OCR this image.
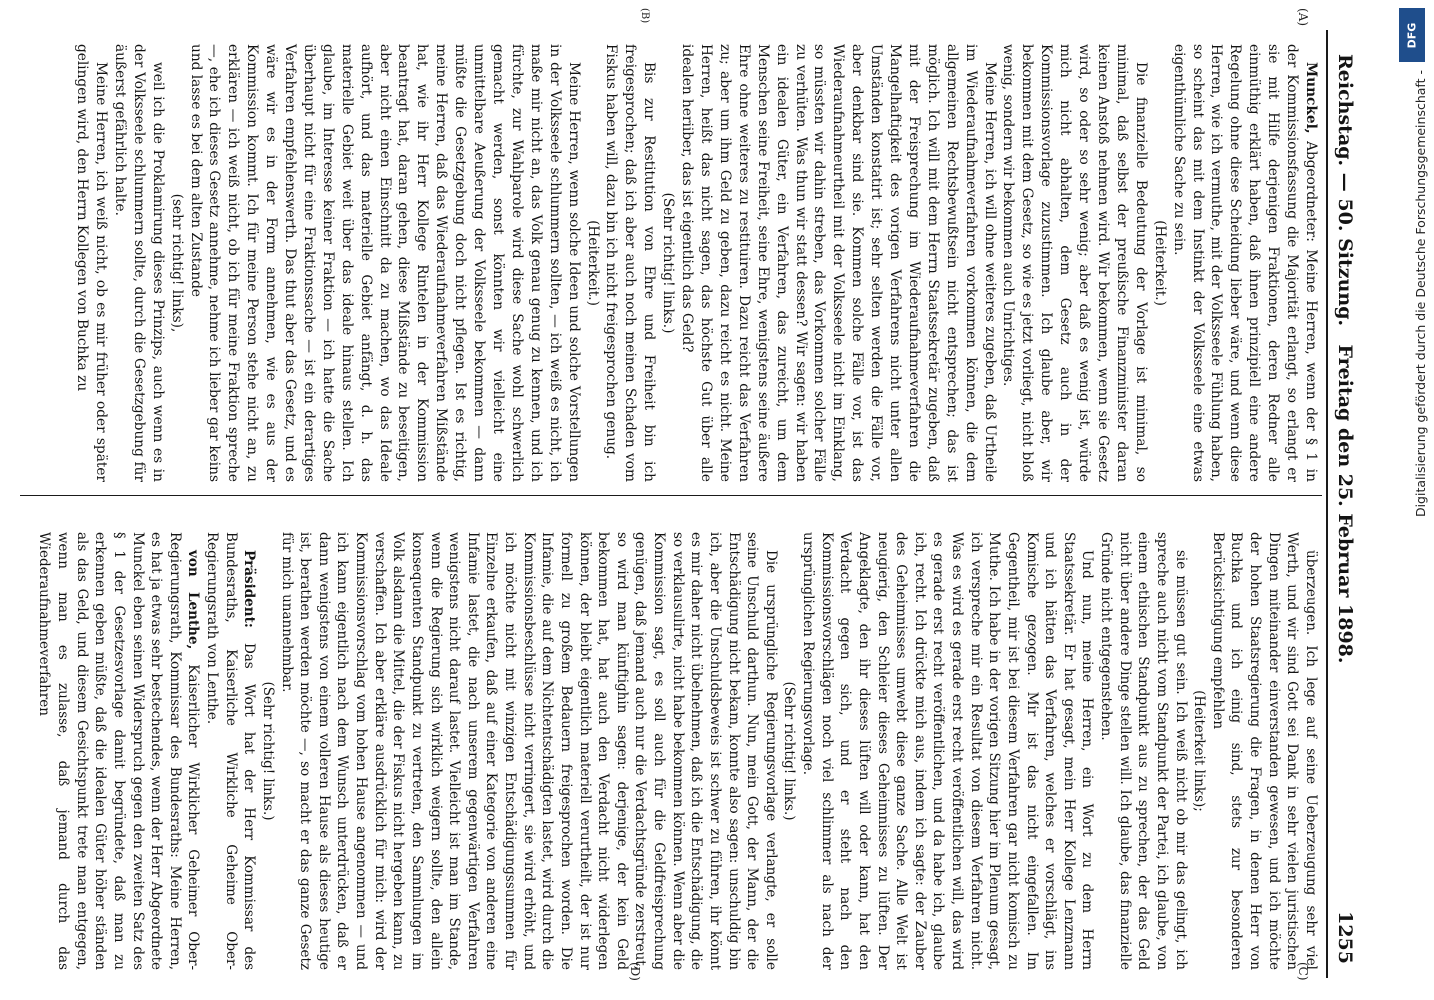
Reichstag. — 50. Sitzung.
Freitag den 25. Februar 1898.
1255
(A)
(B)
(C)
(D)

Munckel, Abgeordneter: Meine Herren, wenn der § 1 in der Kommissionsfassung die Majorität erlangt, so erlangt er sie mit Hilfe derjenigen Fraktionen, deren Redner alle einmüthig erklärt haben, daß ihnen prinzipiell eine andere Regelung ohne diese Scheidung lieber wäre, und wenn diese Herren, wie ich vermuthe, mit der Volksseele Fühlung haben, so scheint das mit dem Instinkt der Volksseele eine etwas eigenthümliche Sache zu sein.

(Heiterkeit.)

Die finanzielle Bedeutung der Vorlage ist minimal, so minimal, daß selbst der preußische Finanzminister daran keinen Anstoß nehmen wird. Wir bekommen, wenn sie Gesetz wird, so oder so sehr wenig; aber daß es wenig ist, würde mich nicht abhalten, dem Gesetz auch in der Kommissionsvorlage zuzustimmen. Ich glaube aber, wir bekommen mit dem Gesetz, so wie es jetzt vorliegt, nicht bloß wenig, sondern wir bekommen auch Unrichtiges.

Meine Herren, ich will ohne weiteres zugeben, daß Urtheile im Wiederaufnahmeverfahren vorkommen können, die dem allgemeinen Rechtsbewußtsein nicht entsprechen; das ist möglich. Ich will mit dem Herrn Staatssekretär zugeben, daß mit der Freisprechung im Wiederaufnahmeverfahren die Mangelhaftigkeit des vorigen Verfahrens nicht unter allen Umständen konstatirt ist; sehr selten werden die Fälle vor, aber denkbar sind sie. Kommen solche Fälle vor, ist das Wiederaufnahmeurtheil mit der Volksseele nicht im Einklang, so müssten wir dahin streben, das Vorkommen solcher Fälle zu verhüten. Was thun wir statt dessen? Wir sagen: wir haben ein idealen Güter, ein Verfahren, das zureicht, um dem Menschen seine Freiheit, seine Ehre, wenigstens seine äußere Ehre ohne weiteres zu restituiren. Dazu reicht das Verfahren zu; aber um ihm Geld zu geben, dazu reicht es nicht. Meine Herren, heißt das nicht sagen, das höchste Gut über alle idealen heriiber, das ist eigentlich das Geld?

(Sehr richtig! links.)

Bis zur Restitution von Ehre und Freiheit bin ich freigesprochen; daß ich aber auch noch meinen Schaden vom Fiskus haben will, dazu bin ich nicht freigesprochen genug.

(Heiterkeit.)

Meine Herren, wenn solche Ideen und solche Vorstellungen in der Volksseele schlummern sollten, — ich weiß es nicht, ich maße mir nicht an, das Volk genau genug zu kennen, und ich fürchte, zur Wahlparole wird diese Sache wohl schwerlich gemacht werden, sonst könnten wir vielleicht eine unmittelbare Aeußerung der Volksseele bekommen — dann müßte die Gesetzgebung doch nicht pflegen. Ist es richtig, meine Herren, daß das Wiederaufnahmeverfahren Mißstände hat, wie ihr Herr Kollege Rintelen in der Kommission beantragt hat, daran gehen, diese Mißstände zu beseitigen, aber nicht einen Einschnitt da zu machen, wo das Ideale aufhört, und das materielle Gebiet anfängt, d. h. das materielle Gebiet weit über das ideale hinaus stellen. Ich glaube, im Interesse keiner Fraktion — ich hatte die Sache überhaupt nicht für eine Fraktionssache — ist ein derartiges Verfahren empfehlenswerth. Das thut aber das Gesetz, und es wäre wir es in der Form annehmen, wie es aus der Kommission kommt. Ich für meine Person stehe nicht an, zu erklären — ich weiß nicht, ob ich für meine Fraktion spreche —, ehe ich dieses Gesetz annehme, nehme ich lieber gar keins und lasse es bei dem alten Zustande

(sehr richtig! links),

weil ich die Proklamirung dieses Prinzips, auch wenn es in der Volksseele schlummern sollte, durch die Gesetzgebung für äußerst gefährlich halte.

Meine Herren, ich weiß nicht, ob es mir früher oder später gelingen wird, den Herrn Kollegen von Buchka zu

überzeugen. Ich lege auf seine Ueberzeugung sehr viel Werth, und wir sind Gott sei Dank in sehr vielen juristischen Dingen miteinander einverstanden gewesen, und ich möchte der hohen Staatsregierung die Fragen, in denen Herr von Buchka und ich einig sind, stets zur besonderen Berücksichtigung empfehlen

(Heiterkeit links);

sie müssen gut sein. Ich weiß nicht ob mir das gelingt, ich spreche auch nicht vom Standpunkt der Partei, ich glaube, von einem ethischen Standpunkt aus zu sprechen, der das Geld nicht über andere Dinge stellen will. Ich glaube, das finanzielle Gründe nicht entgegenstehen.

Und nun, meine Herren, ein Wort zu dem Herrn Staatssekretär. Er hat gesagt, mein Herr Kollege Lenzmann und ich hätten das Verfahren, welches er vorschlägt, ins Komische gezogen. Mir ist das nicht eingefallen. Im Gegentheil, mir ist bei diesem Verfahren gar nicht komisch zu Muthe. Ich habe in der vorigen Sitzung hier im Plenum gesagt, ich verspreche mir ein Resultat von diesem Verfahren nicht. Was es wird es gerade erst recht veröffentlichen will, das wird es gerade erst recht veröffentlichen, und da habe ich, glaube ich, recht. Ich drückte mich aus, indem ich sagte: der Zauber des Geheimnisses umwebt diese ganze Sache. Alle Welt ist neugierig, den Schleier dieses Geheimnisses zu lüften. Der Angeklagte, den ihr dieses lüften will oder kann, hat den Verdacht gegen sich, und er steht nach den Kommissionsvorschlägen noch viel schlimmer als nach der ursprünglichen Regierungsvorlage.

(Sehr richtig! links.)

Die ursprüngliche Regierungsvorlage verlangte, er solle seine Unschuld darthun. Nun, mein Gott, der Mann, der die Entschädigung nicht bekam, konnte also sagen: unschuldig bin ich, aber die Unschuldsbeweis ist schwer zu führen, ihr könnt es mir daher nicht übelnehmen, daß ich die Entschädigung, die so verklausulirte, nicht habe bekommen können. Wenn aber die Kommission sagt, es soll auch für die Geldfreisprechung genügen, daß jemand auch nur die Verdachtsgründe zerstreut, so wird man künftighin sagen: derjenige, der kein Geld bekommen hat, hat auch den Verdacht nicht widerlegen können, der bleibt eigentlich materiell verurtheilt, der ist nur formell zu großem Bedauern freigesprochen worden. Die Infamie, die auf dem Nichtentschädigten lastet, wird durch die Kommissionsbeschlüsse nicht verringert, sie wird erhöht, und ich möchte nicht mit winzigen Entschädigungssummen für Einzelne erkaufen, daß auf einer Kategorie von anderen eine Infamie lastet, die nach unserem gegenwärtigen Verfahren wenigstens nicht darauf lastet. Vielleicht ist man im Stande, wenn die Regierung sich wirklich weigern sollte, den allein konsequenten Standpunkt zu vertreten, den Sammlungen im Volk alsdann die Mittel, die der Fiskus nicht hergeben kann, zu verschaffen. Ich aber erkläre ausdrücklich für mich: wird der Kommissionsvorschlag vom hohen Hause angenommen — und ich kann eigentlich nach dem Wunsch unterdrücken, daß er dann wenigstens von einem volleren Hause als dieses heutige ist, berathen werden möchte —, so macht er das ganze Gesetz für mich unannehmbar.

(Sehr richtig! links.)

Präsident: Das Wort hat der Herr Kommissar des Bundesraths, Kaiserliche Wirkliche Geheime Ober-Regierungsrath von Lenthe.

von Lenthe, Kaiserlicher Wirklicher Geheimer Ober-Regierungsrath, Kommissar des Bundesraths: Meine Herren, es hat ja etwas sehr bestechendes, wenn der Herr Abgeordnete Munckel eben seinen Widerspruch gegen den zweiten Satz des § 1 der Gesetzesvorlage damit begründete, daß man zu erkennen geben müßte, daß die idealen Güter höher ständen als das Geld, und diesem Gesichtspunkt trete man entgegen, wenn man es zulasse, daß jemand durch das Wiederaufnahmeverfahren

DFG
Digitalisierung gefördert durch die Deutsche Forschungsgemeinschaft -
